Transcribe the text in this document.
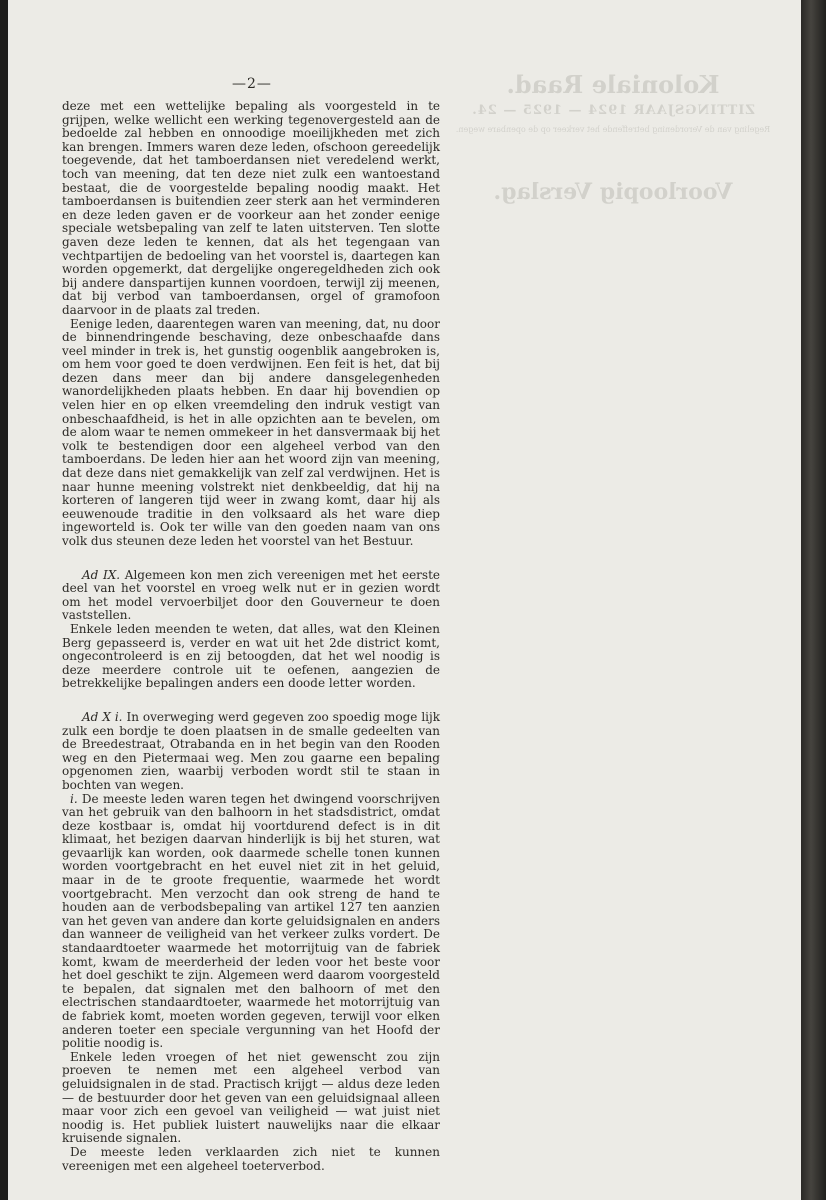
Koloniale Raad.
ZITTINGSJAAR 1924 — 1925 — 24.
Regeling van de Verordening betreffende het verkeer op de openbare wegen.
Voorloopig Verslag.
—2—

deze met een wettelijke bepaling als voorgesteld in te grijpen, welke wellicht een werking tegenovergesteld aan de bedoelde zal hebben en onnoodige moeilijkheden met zich kan brengen. Immers waren deze leden, ofschoon gereedelijk toegevende, dat het tamboerdansen niet veredelend werkt, toch van meening, dat ten deze niet zulk een wantoestand bestaat, die de voorgestelde bepaling noodig maakt. Het tamboerdansen is buitendien zeer sterk aan het verminderen en deze leden gaven er de voorkeur aan het zonder eenige speciale wetsbepaling van zelf te laten uitsterven. Ten slotte gaven deze leden te kennen, dat als het tegengaan van vechtpartijen de bedoeling van het voorstel is, daartegen kan worden opgemerkt, dat dergelijke ongeregeldheden zich ook bij andere danspartijen kunnen voordoen, terwijl zij meenen, dat bij verbod van tamboerdansen, orgel of gramofoon daarvoor in de plaats zal treden.

Eenige leden, daarentegen waren van meening, dat, nu door de binnendringende beschaving, deze onbeschaafde dans veel minder in trek is, het gunstig oogenblik aangebroken is, om hem voor goed te doen verdwijnen. Een feit is het, dat bij dezen dans meer dan bij andere dansgelegenheden wanordelijkheden plaats hebben. En daar hij bovendien op velen hier en op elken vreemdeling den indruk vestigt van onbeschaafdheid, is het in alle opzichten aan te bevelen, om de alom waar te nemen ommekeer in het dansvermaak bij het volk te bestendigen door een algeheel verbod van den tamboerdans. De leden hier aan het woord zijn van meening, dat deze dans niet gemakkelijk van zelf zal verdwijnen. Het is naar hunne meening volstrekt niet denkbeeldig, dat hij na korteren of langeren tijd weer in zwang komt, daar hij als eeuwenoude traditie in den volksaard als het ware diep ingeworteld is. Ook ter wille van den goeden naam van ons volk dus steunen deze leden het voorstel van het Bestuur.

Ad IX. Algemeen kon men zich vereenigen met het eerste deel van het voorstel en vroeg welk nut er in gezien wordt om het model vervoerbiljet door den Gouverneur te doen vaststellen.

Enkele leden meenden te weten, dat alles, wat den Kleinen Berg gepasseerd is, verder en wat uit het 2de district komt, ongecontroleerd is en zij betoogden, dat het wel noodig is deze meerdere controle uit te oefenen, aangezien de betrekkelijke bepalingen anders een doode letter worden.

Ad X i. In overweging werd gegeven zoo spoedig moge lijk zulk een bordje te doen plaatsen in de smalle gedeelten van de Breedestraat, Otrabanda en in het begin van den Rooden weg en den Pietermaai weg. Men zou gaarne een bepaling opgenomen zien, waarbij verboden wordt stil te staan in bochten van wegen.

i. De meeste leden waren tegen het dwingend voorschrijven van het gebruik van den balhoorn in het stadsdistrict, omdat deze kostbaar is, omdat hij voortdurend defect is in dit klimaat, het bezigen daarvan hinderlijk is bij het sturen, wat gevaarlijk kan worden, ook daarmede schelle tonen kunnen worden voortgebracht en het euvel niet zit in het geluid, maar in de te groote frequentie, waarmede het wordt voortgebracht. Men verzocht dan ook streng de hand te houden aan de verbodsbepaling van artikel 127 ten aanzien van het geven van andere dan korte geluidsignalen en anders dan wanneer de veiligheid van het verkeer zulks vordert. De standaardtoeter waarmede het motorrijtuig van de fabriek komt, kwam de meerderheid der leden voor het beste voor het doel geschikt te zijn. Algemeen werd daarom voorgesteld te bepalen, dat signalen met den balhoorn of met den electrischen standaardtoeter, waarmede het motorrijtuig van de fabriek komt, moeten worden gegeven, terwijl voor elken anderen toeter een speciale vergunning van het Hoofd der politie noodig is.

Enkele leden vroegen of het niet gewenscht zou zijn proeven te nemen met een algeheel verbod van geluidsignalen in de stad. Practisch krijgt — aldus deze leden — de bestuurder door het geven van een geluidsignaal alleen maar voor zich een gevoel van veiligheid — wat juist niet noodig is. Het publiek luistert nauwelijks naar die elkaar kruisende signalen.

De meeste leden verklaarden zich niet te kunnen vereenigen met een algeheel toeterverbod.
